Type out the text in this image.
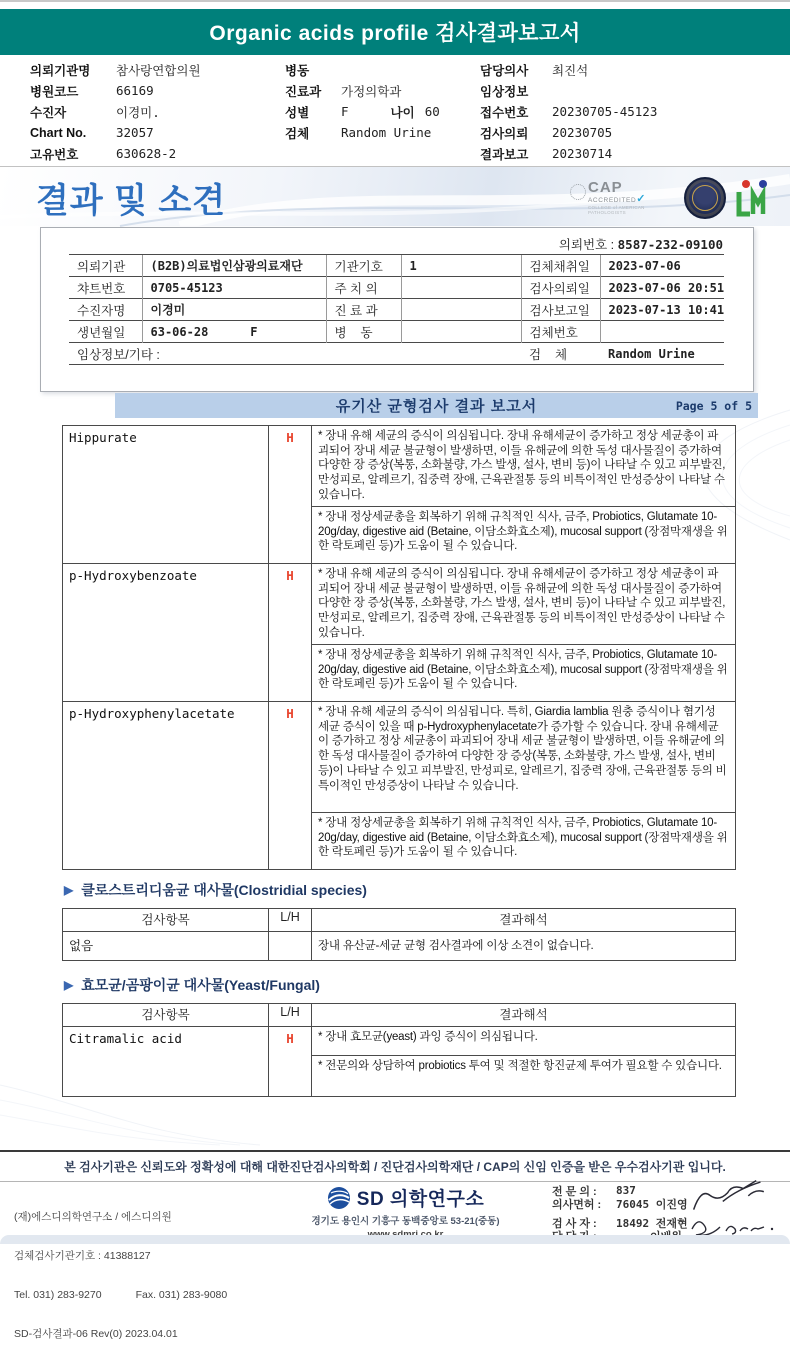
Organic acids profile 검사결과보고서
의뢰기관명	참사랑연합의원
병원코드	66169
수진자	이경미.
Chart No.	32057
고유번호	630628-2
병동
진료과	가정의학과
성별	F	나이 60
검체	Random Urine
담당의사	최진석
임상정보
접수번호	20230705-45123
검사의뢰	20230705
결과보고	20230714
결과 및 소견	CAP
ACCREDITED✓
COLLEGE of AMERICAN PATHOLOGISTS
의뢰번호 : 8587-232-09100
의뢰기관	(B2B)의료법인삼광의료재단	기관기호	1	검체채취일	2023-07-06
챠트번호	0705-45123	주 치 의		검사의뢰일	2023-07-06 20:51
수진자명	이경미	진 료 과		검사보고일	2023-07-13 10:41
생년월일	63-06-28 F	병    동		검체번호	
임상정보/기타 :				검    체	Random Urine
유기산 균형검사 결과 보고서	Page 5 of 5
Hippurate	H	* 장내 유해 세균의 증식이 의심됩니다. 장내 유해세균이 증가하고 정상 세균총이 파괴되어 장내 세균 불균형이 발생하면, 이들 유해균에 의한 독성 대사물질이 증가하여 다양한 장 증상(복통, 소화불량, 가스 발생, 설사, 변비 등)이 나타날 수 있고 피부발진, 만성피로, 알레르기, 집중력 장애, 근육관절통 등의 비특이적인 만성증상이 나타날 수 있습니다.
		* 장내 정상세균총을 회복하기 위해 규칙적인 식사, 금주, Probiotics, Glutamate 10-20g/day, digestive aid (Betaine, 이담소화효소제), mucosal support (장점막재생을 위한 락토페린 등)가 도움이 될 수 있습니다.
p-Hydroxybenzoate	H	* 장내 유해 세균의 증식이 의심됩니다. 장내 유해세균이 증가하고 정상 세균총이 파괴되어 장내 세균 불균형이 발생하면, 이들 유해균에 의한 독성 대사물질이 증가하여 다양한 장 증상(복통, 소화불량, 가스 발생, 설사, 변비 등)이 나타날 수 있고 피부발진, 만성피로, 알레르기, 집중력 장애, 근육관절통 등의 비특이적인 만성증상이 나타날 수 있습니다.
		* 장내 정상세균총을 회복하기 위해 규칙적인 식사, 금주, Probiotics, Glutamate 10-20g/day, digestive aid (Betaine, 이담소화효소제), mucosal support (장점막재생을 위한 락토페린 등)가 도움이 될 수 있습니다.
p-Hydroxyphenylacetate	H	* 장내 유해 세균의 증식이 의심됩니다. 특히, Giardia lamblia 원충 증식이나 혐기성 세균 증식이 있을 때 p-Hydroxyphenylacetate가 증가할 수 있습니다. 장내 유해세균이 증가하고 정상 세균총이 파괴되어 장내 세균 불균형이 발생하면, 이들 유해균에 의한 독성 대사물질이 증가하여 다양한 장 증상(복통, 소화불량, 가스 발생, 설사, 변비 등)이 나타날 수 있고 피부발진, 만성피로, 알레르기, 집중력 장애, 근육관절통 등의 비특이적인 만성증상이 나타날 수 있습니다.
		* 장내 정상세균총을 회복하기 위해 규칙적인 식사, 금주, Probiotics, Glutamate 10-20g/day, digestive aid (Betaine, 이담소화효소제), mucosal support (장점막재생을 위한 락토페린 등)가 도움이 될 수 있습니다.
▶ 클로스트리디움균 대사물(Clostridial species)
검사항목	L/H	결과해석
없음		장내 유산균-세균 균형 검사결과에 이상 소견이 없습니다.
▶ 효모균/곰팡이균 대사물(Yeast/Fungal)
검사항목	L/H	결과해석
Citramalic acid	H	* 장내 효모균(yeast) 과잉 증식이 의심됩니다.
		* 전문의와 상담하여 probiotics 투여 및 적절한 항진균제 투여가 필요할 수 있습니다.
본 검사기관은 신뢰도와 정확성에 대해 대한진단검사의학회 / 진단검사의학재단 / CAP의 신임 인증을 받은 우수검사기관 입니다.

(재)에스디의학연구소 / 에스디의원

검체검사기관기호 : 41388127

Tel. 031) 283-9270	Fax. 031) 283-9080

SD-검사결과-06 Rev(0) 2023.04.01

SD 의학연구소
경기도 용인시 기흥구 동백중앙로 53-21(중동)
전 문 의 :	837
의사면허 :	76045 이진영
검 사 자 :	18492 전재현
